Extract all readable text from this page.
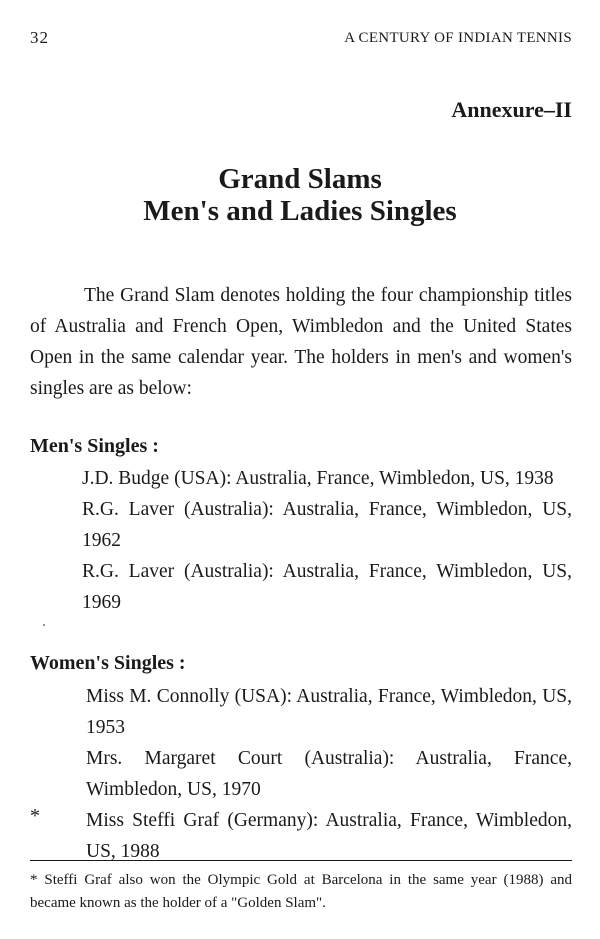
32	A CENTURY OF INDIAN TENNIS
Annexure–II
Grand Slams
Men's and Ladies Singles

The Grand Slam denotes holding the four championship titles of Australia and French Open, Wimbledon and the United States Open in the same calendar year. The holders in men's and women's singles are as below:

Men's Singles :
J.D. Budge (USA): Australia, France, Wimbledon, US, 1938
R.G. Laver (Australia): Australia, France, Wimbledon, US, 1962
R.G. Laver (Australia): Australia, France, Wimbledon, US, 1969
Women's Singles :
Miss M. Connolly (USA): Australia, France, Wimbledon, US, 1953
Mrs. Margaret Court (Australia): Australia, France, Wimbledon, US, 1970
Miss Steffi Graf (Germany): Australia, France, Wimbledon, US, 1988
*

* Steffi Graf also won the Olympic Gold at Barcelona in the same year (1988) and became known as the holder of a "Golden Slam".
